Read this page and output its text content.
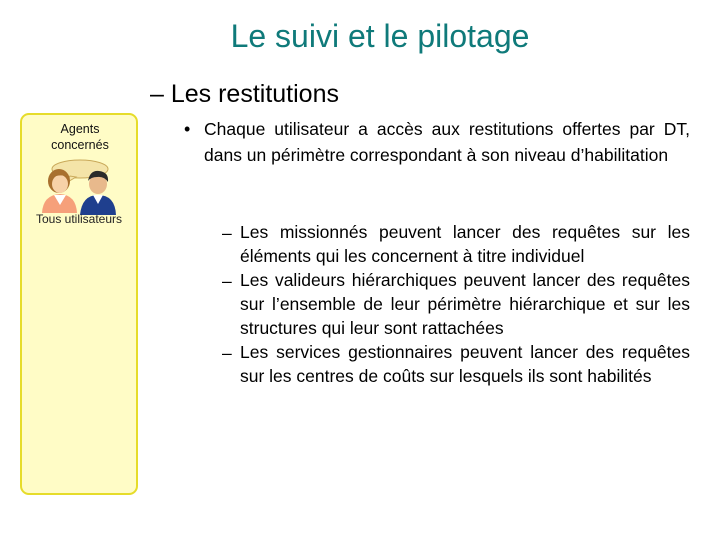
Le suivi et le pilotage
– Les restitutions
Agents concernés
Tous utilisateurs
• Chaque utilisateur a accès aux restitutions offertes par DT, dans un périmètre correspondant à son niveau d’habilitation
– Les missionnés peuvent lancer des requêtes sur les éléments qui les concernent à titre individuel
– Les valideurs hiérarchiques peuvent lancer des requêtes sur l’ensemble de leur périmètre hiérarchique et sur les structures qui leur sont rattachées
– Les services gestionnaires peuvent lancer des requêtes sur les centres de coûts sur lesquels ils sont habilités
